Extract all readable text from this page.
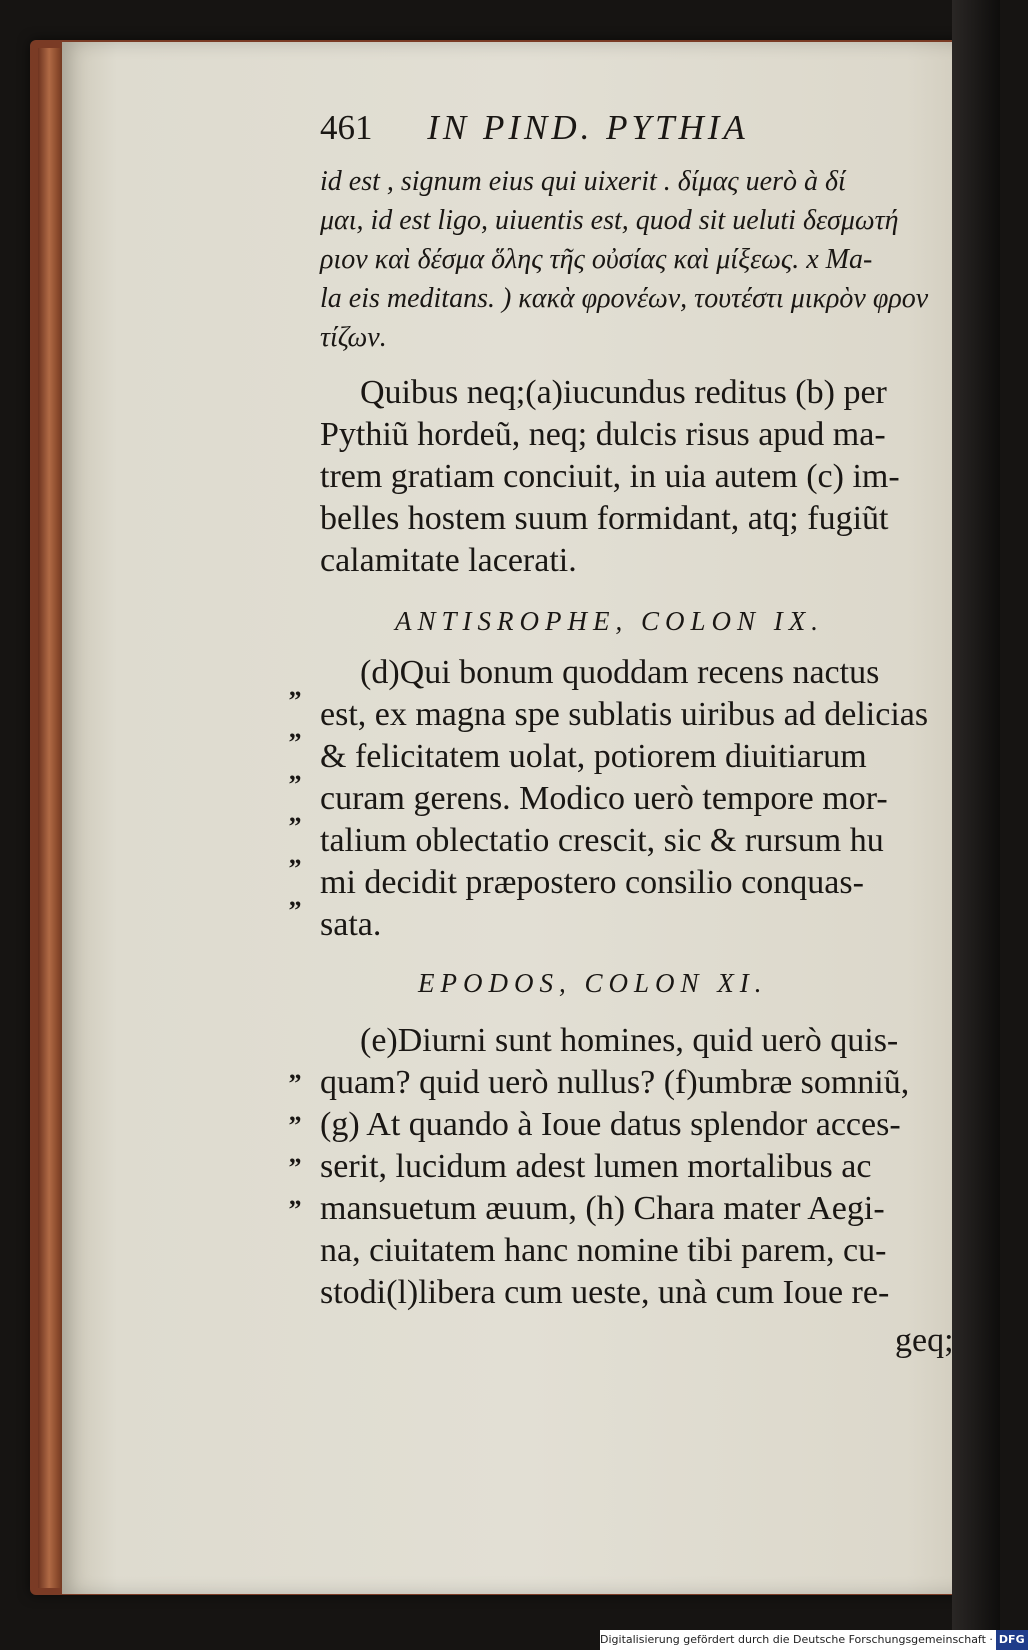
461 IN PIND. PYTHIA
id est , signum eius qui uixerit . δίμας uerò à δί
μαι, id est ligo, uiuentis est, quod sit ueluti δεσμωτή
ριον καὶ δέσμα ὅλης τῆς οὐσίας καὶ μίξεως. x Ma-
la eis meditans. ) κακὰ φρονέων, τουτέστι μικρὸν φρον
τίζων.
Quibus neq;(a)iucundus reditus (b) per
Pythiũ hordeũ, neq; dulcis risus apud ma-
trem gratiam conciuit, in uia autem (c) im-
belles hostem suum formidant, atq; fugiũt
calamitate lacerati.
ANTISROPHE, COLON IX.
”
”
”
”
”
”
(d)Qui bonum quoddam recens nactus
est, ex magna spe sublatis uiribus ad delicias
& felicitatem uolat, potiorem diuitiarum
curam gerens. Modico uerò tempore mor-
talium oblectatio crescit, sic & rursum hu
mi decidit præpostero consilio conquas-
sata.
EPODOS, COLON XI.
”
”
”
”
(e)Diurni sunt homines, quid uerò quis-
quam? quid uerò nullus? (f)umbræ somniũ,
(g) At quando à Ioue datus splendor acces-
serit, lucidum adest lumen mortalibus ac
mansuetum æuum, (h) Chara mater Aegi-
na, ciuitatem hanc nomine tibi parem, cu-
stodi(l)libera cum ueste, unà cum Ioue re-
geq;
Digitalisierung gefördert durch die Deutsche Forschungsgemeinschaft · DFG
